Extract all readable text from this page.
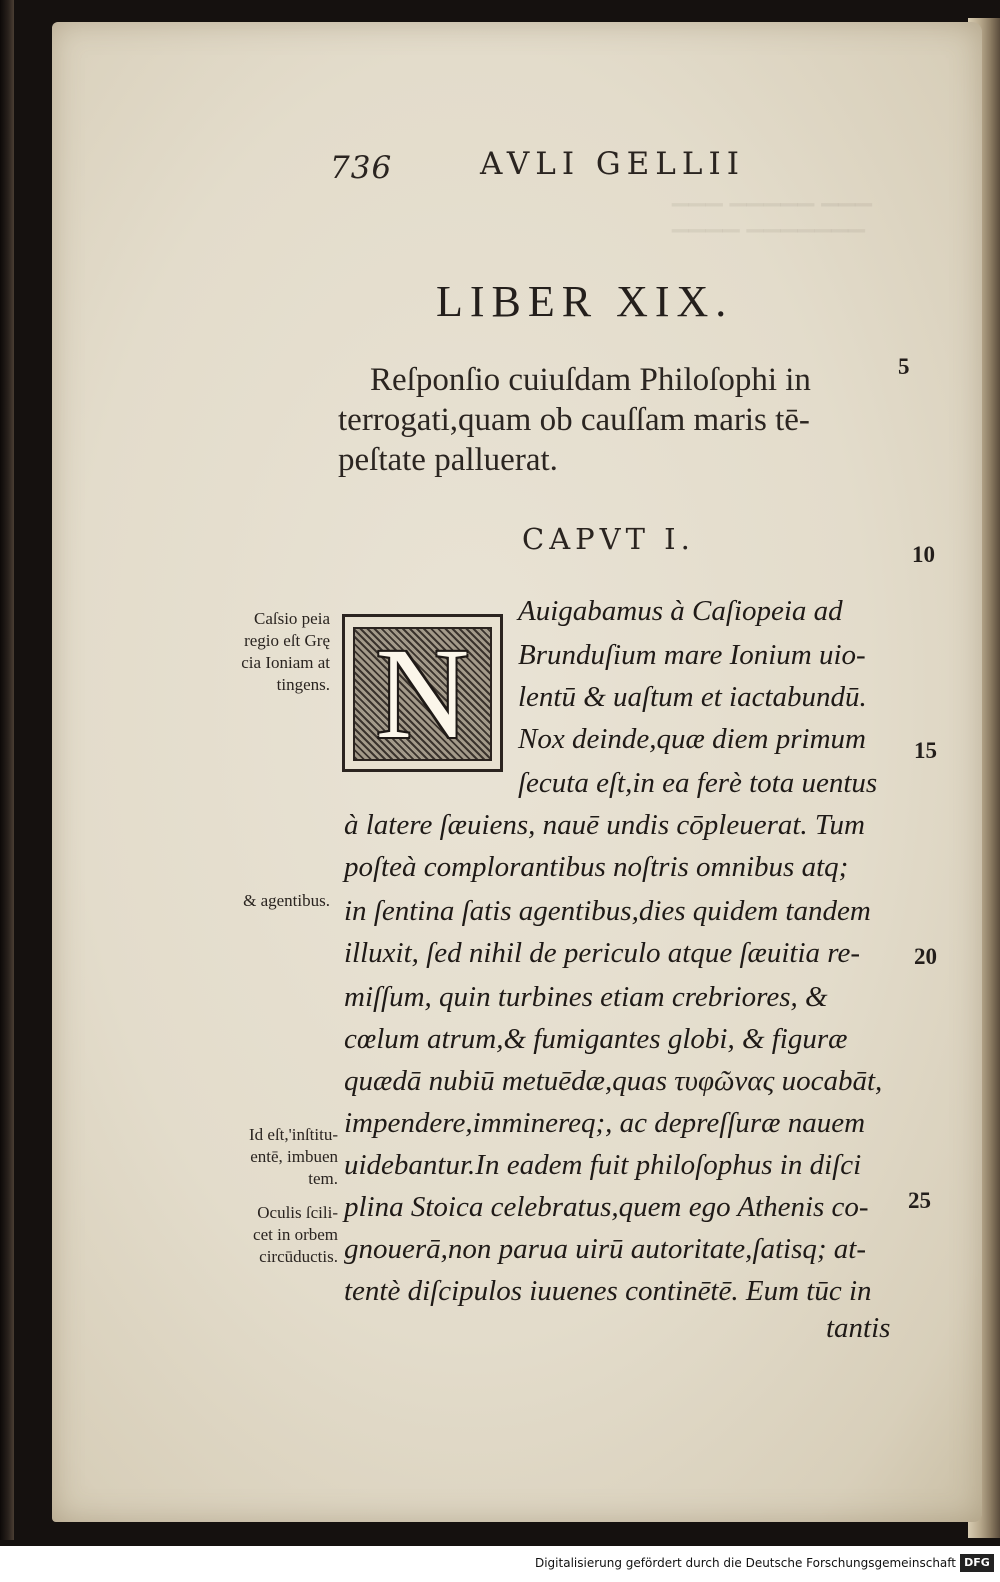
▁▁▁ ▁▁▁▁▁ ▁▁▁
▁▁▁▁ ▁▁▁▁▁▁▁
736	AVLI GELLII
LIBER XIX.
Reſponſio cuiuſdam Philoſophi in
terrogati,quam ob cauſſam maris tē-
peſtate palluerat.
CAPVT I.
5
10
15
20
25
Caſsio peia
regio eſt Grę
cia Ioniam at
tingens.
& agentibus.
Id eſt,'inſtitu-
entē, imbuen
tem.
Oculis ſcili-
cet in orbem
circūductis.
N
Auigabamus à Caſiopeia ad
Brunduſium mare Ionium uio-
lentū & uaſtum et iactabundū.
Nox deinde,quæ diem primum
ſecuta eſt,in ea ferè tota uentus
à latere ſæuiens, nauē undis cōpleuerat. Tum
poſteà complorantibus noſtris omnibus atq;
in ſentina ſatis agentibus,dies quidem tandem
illuxit, ſed nihil de periculo atque ſæuitia re-
miſſum, quin turbines etiam crebriores, &
cœlum atrum,& fumigantes globi, & figuræ
quædā nubiū metuēdæ,quas τυφῶνας uocabāt,
impendere,imminereq;, ac depreſſuræ nauem
uidebantur.In eadem fuit philoſophus in diſci
plina Stoica celebratus,quem ego Athenis co-
gnouerā,non parua uirū autoritate,ſatisq; at-
tentè diſcipulos iuuenes continētē. Eum tūc in
tantis
Digitalisierung gefördert durch die Deutsche Forschungsgemeinschaft DFG
